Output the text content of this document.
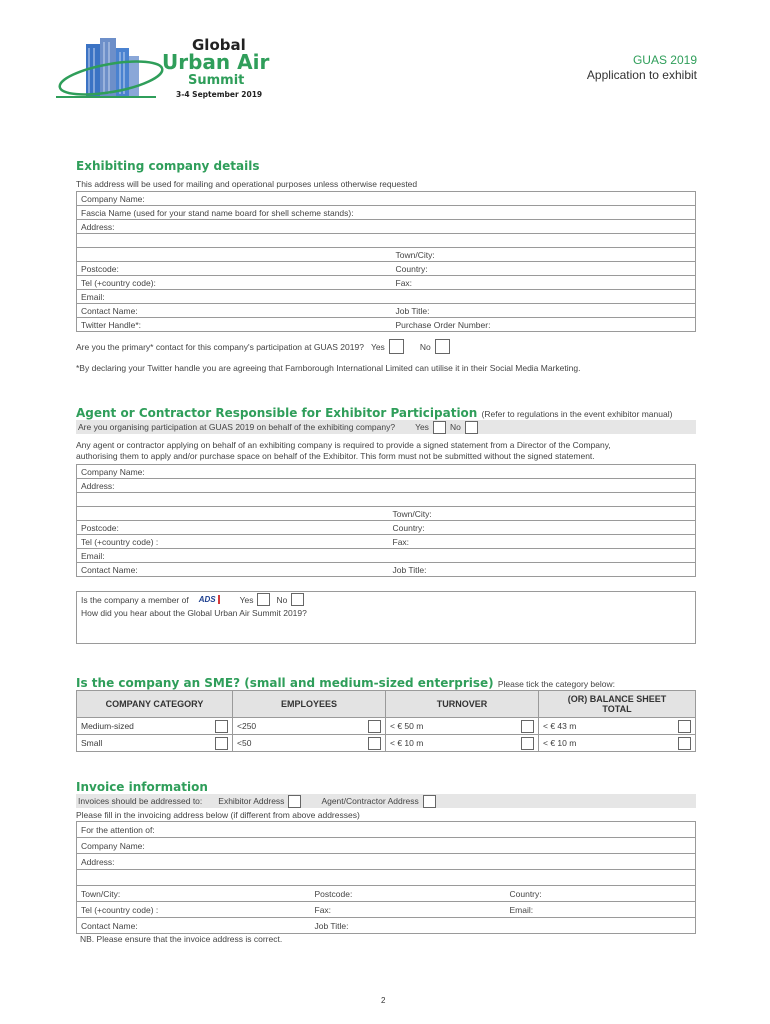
Global
Urban Air
Summit
3-4 September 2019
GUAS 2019
Application to exhibit
Exhibiting company details
This address will be used for mailing and operational purposes unless otherwise requested
Company Name:	
Fascia Name (used for your stand name board for shell scheme stands):	
Address:	

	Town/City:
Postcode:	Country:
Tel (+country code):	Fax:
Email:	
Contact Name:	Job Title:
Twitter Handle*:	Purchase Order Number:
Are you the primary* contact for this company's participation at GUAS 2019? Yes	No
*By declaring your Twitter handle you are agreeing that Farnborough International Limited can utilise it in their Social Media Marketing.
Agent or Contractor Responsible for Exhibitor Participation (Refer to regulations in the event exhibitor manual)
Are you organising participation at GUAS 2019 on behalf of the exhibiting company? Yes No
Any agent or contractor applying on behalf of an exhibiting company is required to provide a signed statement from a Director of the Company,
authorising them to apply and/or purchase space on behalf of the Exhibitor. This form must not be submitted without the signed statement.
Company Name:	
Address:	

	Town/City:
Postcode:	Country:
Tel (+country code) :	Fax:
Email:	
Contact Name:	Job Title:
Is the company a member of ADS	Yes	No
How did you hear about the Global Urban Air Summit 2019?
Is the company an SME? (small and medium-sized enterprise) Please tick the category below:
COMPANY CATEGORY	EMPLOYEES	TURNOVER	(OR) BALANCE SHEET TOTAL
Medium-sized	<250	< € 50 m	< € 43 m

Small	<50	< € 10 m	< € 10 m
Invoice information
Invoices should be addressed to: Exhibitor Address	Agent/Contractor Address
Please fill in the invoicing address below (if different from above addresses)
For the attention of:		
Company Name:		
Address:		

Town/City:	Postcode:	Country:
Tel (+country code) :	Fax:	Email:
Contact Name:	Job Title:	
NB. Please ensure that the invoice address is correct.
2
